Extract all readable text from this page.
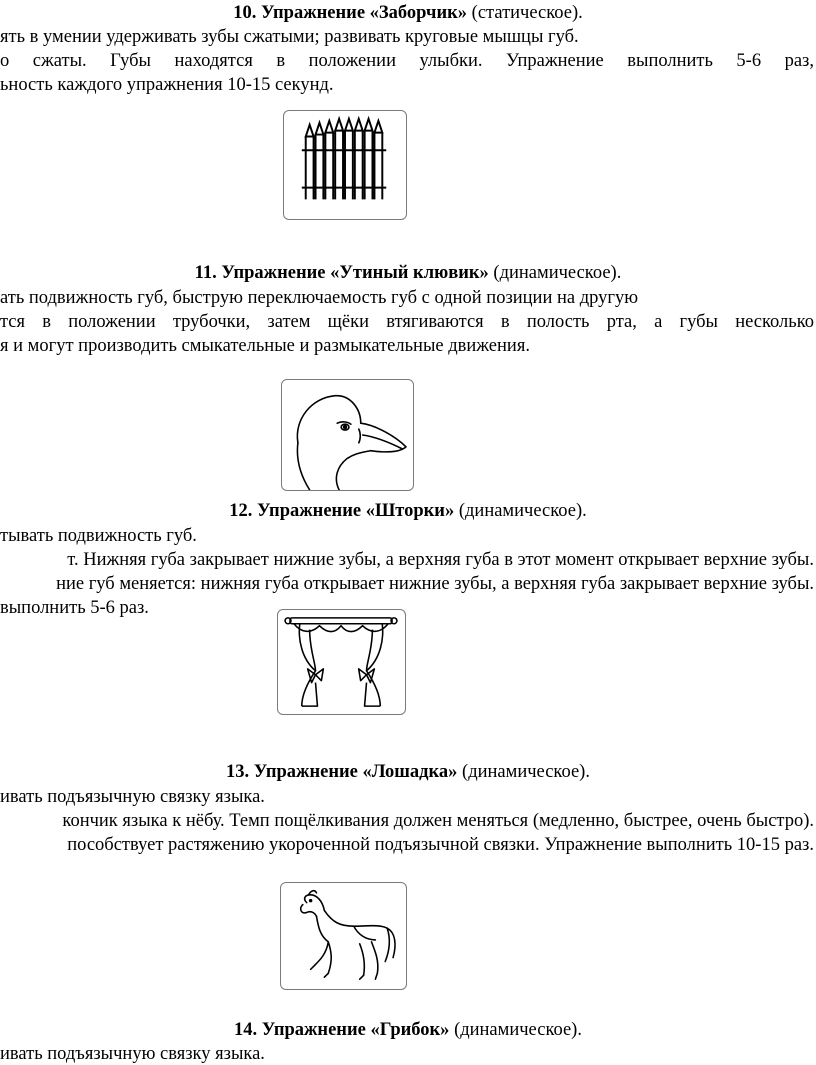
10. Упражнение «Заборчик» (статическое).
ять в умении удерживать зубы сжатыми; развивать круговые мышцы губ.
о сжаты. Губы находятся в положении улыбки. Упражнение выполнить 5-6 раз,
ьность каждого упражнения 10-15 секунд.
11. Упражнение «Утиный клювик» (динамическое).
ать подвижность губ, быструю переключаемость губ с одной позиции на другую
тся в положении трубочки, затем щёки втягиваются в полость рта, а губы несколько
я и могут производить смыкательные и размыкательные движения.
12. Упражнение «Шторки» (динамическое).
тывать подвижность губ.
т. Нижняя губа закрывает нижние зубы, а верхняя губа в этот момент открывает верхние зубы.
ние губ меняется: нижняя губа открывает нижние зубы, а верхняя губа закрывает верхние зубы.
выполнить 5-6 раз.
13. Упражнение «Лошадка» (динамическое).
ивать подъязычную связку языка.
кончик языка к нёбу. Темп пощёлкивания должен меняться (медленно, быстрее, очень быстро).
пособствует растяжению укороченной подъязычной связки. Упражнение выполнить 10-15 раз.
14. Упражнение «Грибок» (динамическое).
ивать подъязычную связку языка.
